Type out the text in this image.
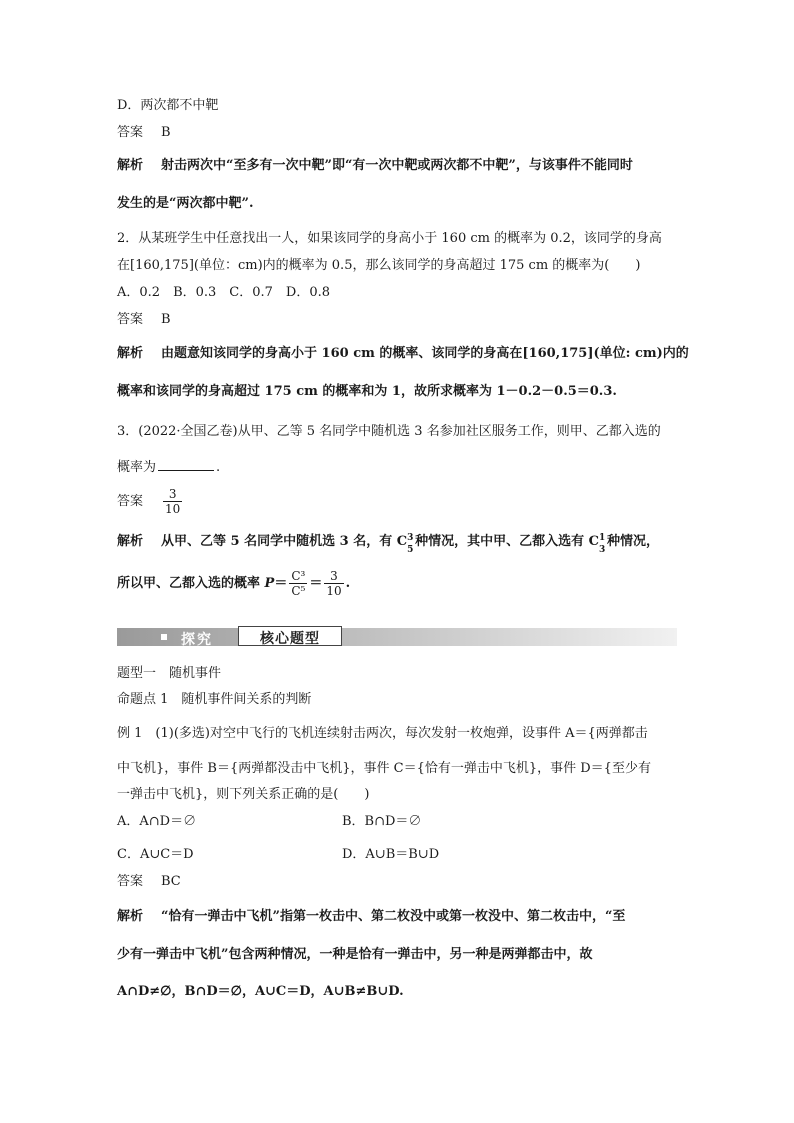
D．两次都不中靶
答案 B
解析 射击两次中“至多有一次中靶”即“有一次中靶或两次都不中靶”，与该事件不能同时
发生的是“两次都中靶”.
2．从某班学生中任意找出一人，如果该同学的身高小于 160 cm 的概率为 0.2，该同学的身高
在[160,175](单位：cm)内的概率为 0.5，那么该同学的身高超过 175 cm 的概率为(　　)
A．0.2　B．0.3　C．0.7　D．0.8
答案 B
解析 由题意知该同学的身高小于 160 cm 的概率、该同学的身高在[160,175](单位: cm)内的
概率和该同学的身高超过 175 cm 的概率和为 1，故所求概率为 1－0.2－0.5＝0.3.
3．(2022·全国乙卷)从甲、乙等 5 名同学中随机选 3 名参加社区服务工作，则甲、乙都入选的
概率为	.
答案 $\frac{3}{10}$
解析 从甲、乙等 5 名同学中随机选 3 名，有 C 3
5
种情况，其中甲、乙都入选有 C 1
3
种情况，
所以甲、乙都入选的概率 $P= \frac{\text{C³}}{\text{C⁵}} = \frac{3}{10}$ .
探究	核心题型
题型一　随机事件
命题点 1　随机事件间关系的判断
例 1　(1)(多选)对空中飞行的飞机连续射击两次，每次发射一枚炮弹，设事件 A＝{两弹都击
中飞机}，事件 B＝{两弹都没击中飞机}，事件 C＝{恰有一弹击中飞机}，事件 D＝{至少有
一弹击中飞机}，则下列关系正确的是(　　)
A．A∩D＝∅	B．B∩D＝∅
C．A∪C＝D	D．A∪B＝B∪D
答案 BC
解析 “恰有一弹击中飞机”指第一枚击中、第二枚没中或第一枚没中、第二枚击中，“至
少有一弹击中飞机”包含两种情况，一种是恰有一弹击中，另一种是两弹都击中，故
A∩D≠∅，B∩D＝∅，A∪C＝D，A∪B≠B∪D.
